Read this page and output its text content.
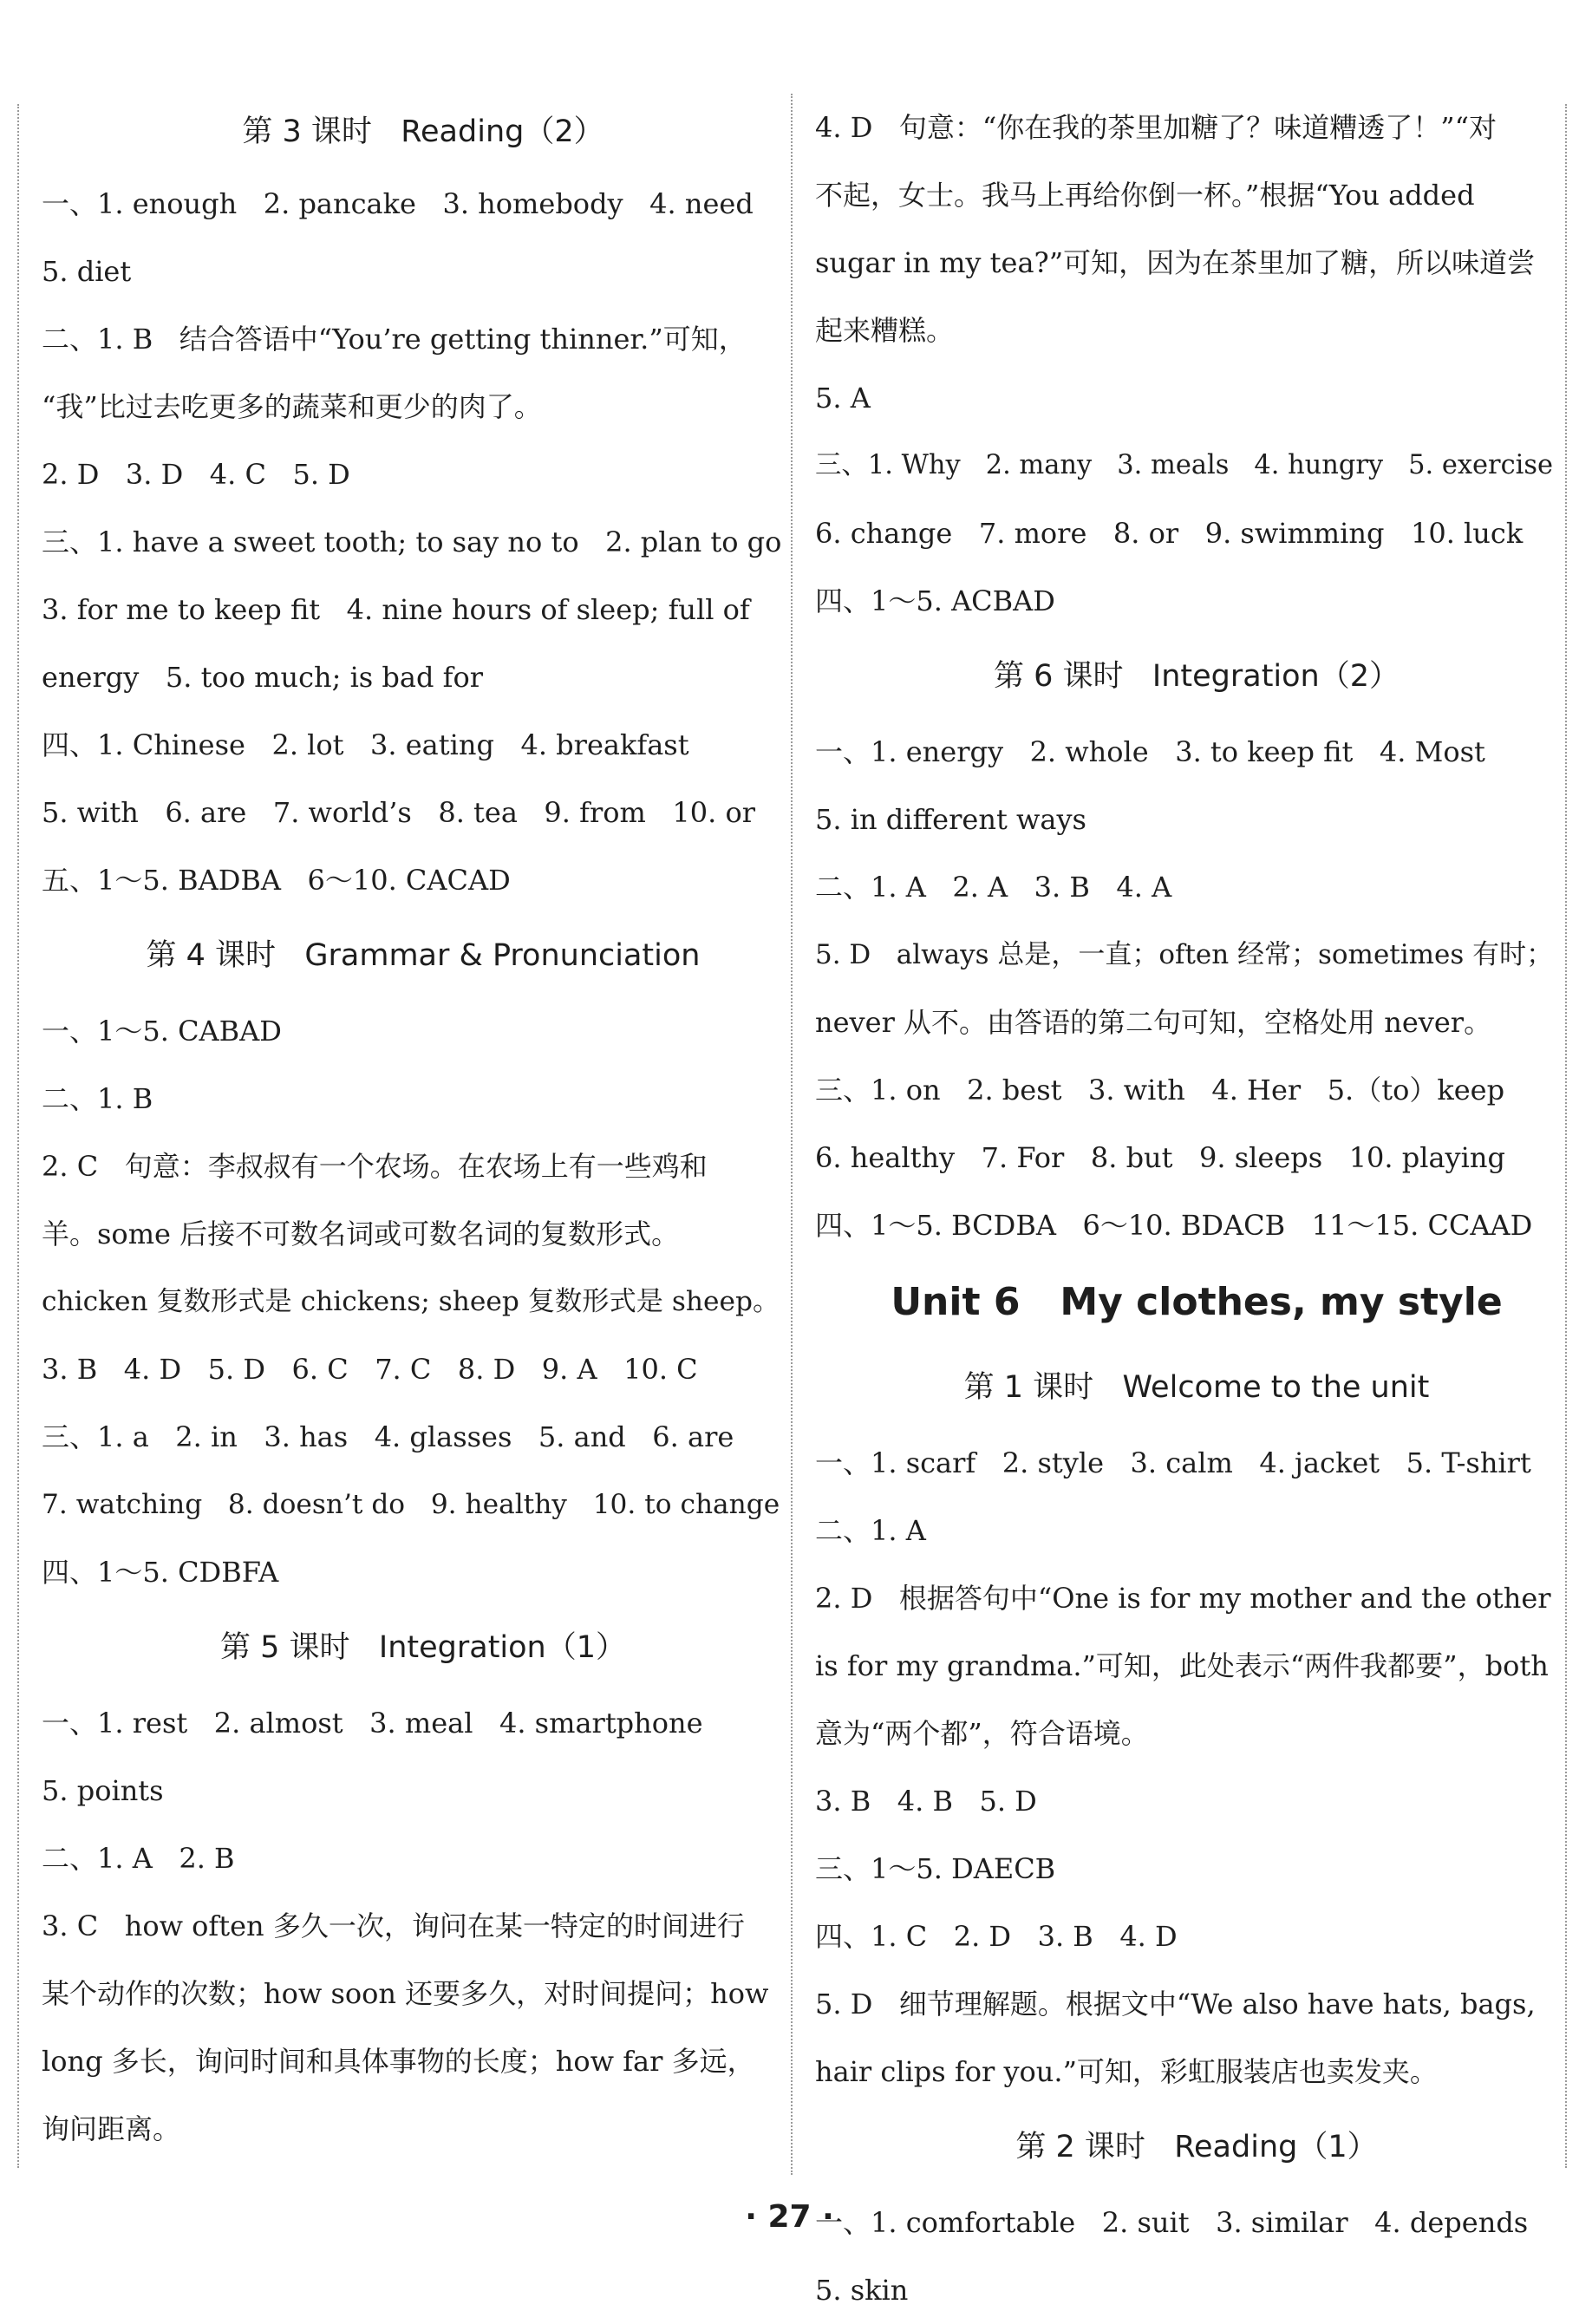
第 3 课时   Reading（2）
一、1. enough   2. pancake   3. homebody   4. need
5. diet
二、1. B   结合答语中“You’re getting thinner.”可知，
“我”比过去吃更多的蔬菜和更少的肉了。
2. D   3. D   4. C   5. D
三、1. have a sweet tooth; to say no to   2. plan to go
3. for me to keep fit   4. nine hours of sleep; full of
energy   5. too much; is bad for
四、1. Chinese   2. lot   3. eating   4. breakfast
5. with   6. are   7. world’s   8. tea   9. from   10. or
五、1～5. BADBA   6～10. CACAD
第 4 课时   Grammar & Pronunciation
一、1～5. CABAD
二、1. B
2. C   句意：李叔叔有一个农场。在农场上有一些鸡和
羊。some 后接不可数名词或可数名词的复数形式。
chicken 复数形式是 chickens; sheep 复数形式是 sheep。
3. B   4. D   5. D   6. C   7. C   8. D   9. A   10. C
三、1. a   2. in   3. has   4. glasses   5. and   6. are
7. watching   8. doesn’t do   9. healthy   10. to change
四、1～5. CDBFA
第 5 课时   Integration（1）
一、1. rest   2. almost   3. meal   4. smartphone
5. points
二、1. A   2. B
3. C   how often 多久一次，询问在某一特定的时间进行
某个动作的次数；how soon 还要多久，对时间提问；how
long 多长，询问时间和具体事物的长度；how far 多远，
询问距离。
4. D   句意：“你在我的茶里加糖了？味道糟透了！”“对
不起，女士。我马上再给你倒一杯。”根据“You added
sugar in my tea?”可知，因为在茶里加了糖，所以味道尝
起来糟糕。
5. A
三、1. Why   2. many   3. meals   4. hungry   5. exercise
6. change   7. more   8. or   9. swimming   10. luck
四、1～5. ACBAD
第 6 课时   Integration（2）
一、1. energy   2. whole   3. to keep fit   4. Most
5. in different ways
二、1. A   2. A   3. B   4. A
5. D   always 总是，一直；often 经常；sometimes 有时；
never 从不。由答语的第二句可知，空格处用 never。
三、1. on   2. best   3. with   4. Her   5.（to）keep
6. healthy   7. For   8. but   9. sleeps   10. playing
四、1～5. BCDBA   6～10. BDACB   11～15. CCAAD
Unit 6   My clothes, my style
第 1 课时   Welcome to the unit
一、1. scarf   2. style   3. calm   4. jacket   5. T-shirt
二、1. A
2. D   根据答句中“One is for my mother and the other
is for my grandma.”可知，此处表示“两件我都要”，both
意为“两个都”，符合语境。
3. B   4. B   5. D
三、1～5. DAECB
四、1. C   2. D   3. B   4. D
5. D   细节理解题。根据文中“We also have hats, bags,
hair clips for you.”可知，彩虹服装店也卖发夹。
第 2 课时   Reading（1）
一、1. comfortable   2. suit   3. similar   4. depends
5. skin
· 27 ·
